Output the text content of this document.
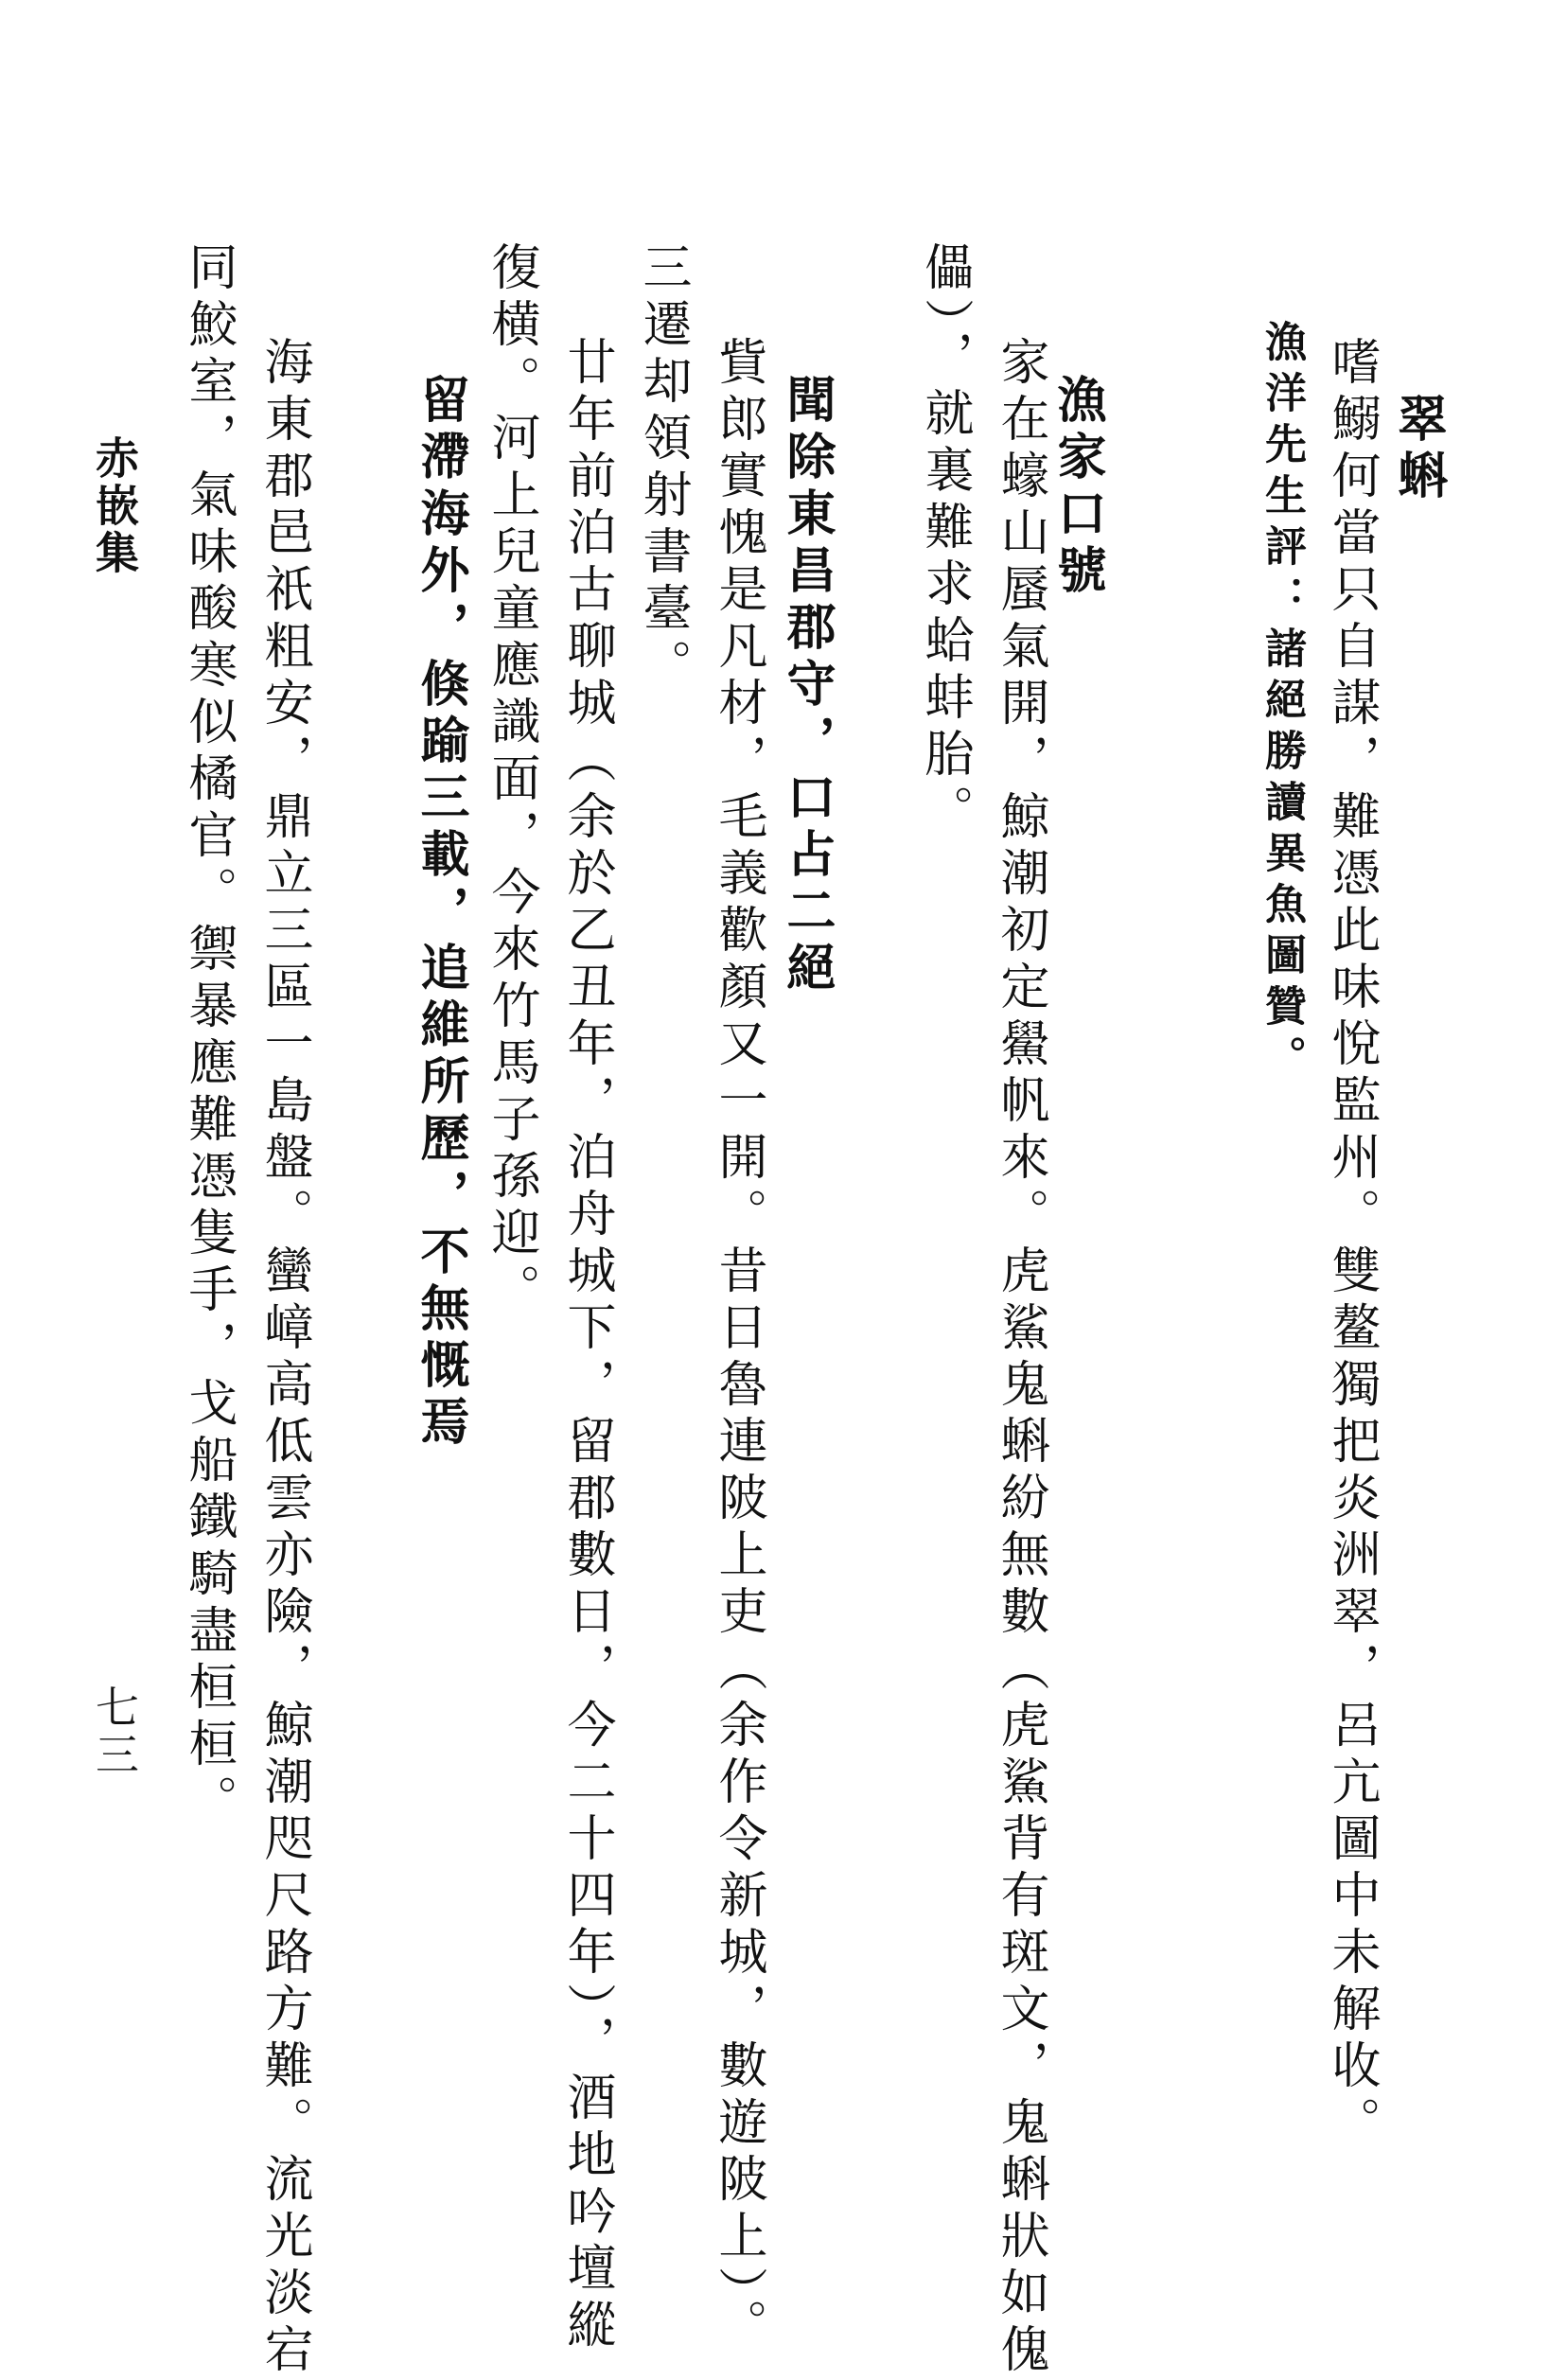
翠蝌
嗜鰯何當只自謀，難憑此味悅監州。雙鳌獨把炎洲翠，呂亢圖中未解收。
漁洋先生評：諸絕勝讀異魚圖贊。
漁家口號
家在蠔山蜃氣開，鯨潮初定鱟帆來。虎鯊鬼蝌紛無數（虎鯊背有斑文，鬼蝌狀如傀
儡），就裏難求蛤蚌胎。
聞除東昌郡守，口占二絕
貲郎實愧是凡材，毛義歡顏又一開。昔日魯連陂上吏（余作令新城，數遊陂上）。
三遷却領射書臺。
廿年前泊古聊城（余於乙丑年，泊舟城下，留郡數日，今二十四年），酒地吟壇縱
復横。河上兒童應識面，今來竹馬子孫迎。
留滯海外，倏踰三載，追維所歷，不無慨焉
海東郡邑祇粗安，鼎立三區一島盤。蠻嶂高低雲亦險，鯨潮咫尺路方難。流光淡宕
同鮫室，氣味酸寒似橘官。禦暴應難憑隻手，戈船鐵騎盡桓桓。
赤嵌集
七三
